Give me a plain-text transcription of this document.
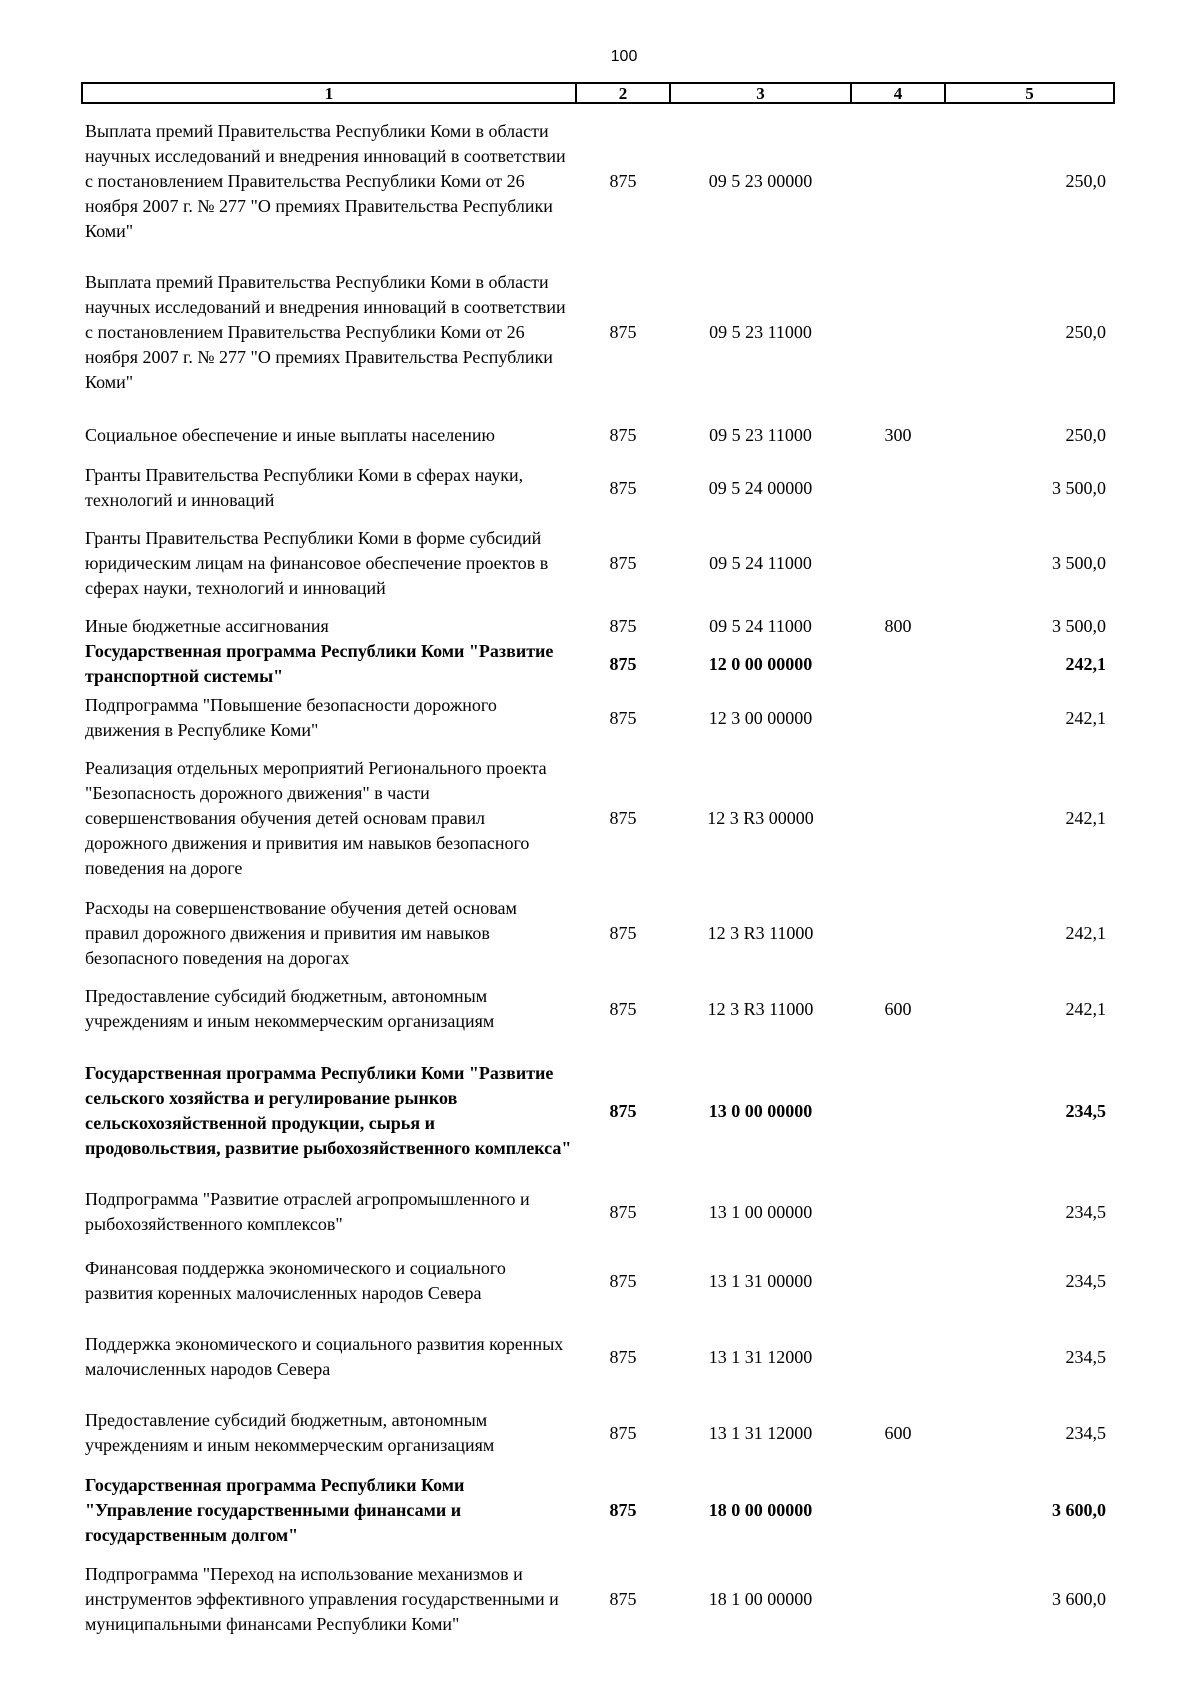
100
1	2	3	4	5
Выплата премий Правительства Республики Коми в области научных исследований и внедрения инноваций в соответствии с постановлением Правительства Республики Коми от 26 ноября 2007 г. № 277 "О премиях Правительства Республики Коми"	875	09 5 23 00000		250,0
Выплата премий Правительства Республики Коми в области научных исследований и внедрения инноваций в соответствии с постановлением Правительства Республики Коми от 26 ноября 2007 г. № 277 "О премиях Правительства Республики Коми"	875	09 5 23 11000		250,0
Социальное обеспечение и иные выплаты населению	875	09 5 23 11000	300	250,0
Гранты Правительства Республики Коми в сферах науки, технологий и инноваций	875	09 5 24 00000		3 500,0
Гранты Правительства Республики Коми в форме субсидий юридическим лицам на финансовое обеспечение проектов в сферах науки, технологий и инноваций	875	09 5 24 11000		3 500,0
Иные бюджетные ассигнования	875	09 5 24 11000	800	3 500,0
Государственная программа Республики Коми "Развитие транспортной системы"	875	12 0 00 00000		242,1
Подпрограмма "Повышение безопасности дорожного движения в Республике Коми"	875	12 3 00 00000		242,1
Реализация отдельных мероприятий Регионального проекта "Безопасность дорожного движения" в части совершенствования обучения детей основам правил дорожного движения и привития им навыков безопасного поведения на дороге	875	12 3 R3 00000		242,1
Расходы на совершенствование обучения детей основам правил дорожного движения и привития им навыков безопасного поведения на дорогах	875	12 3 R3 11000		242,1
Предоставление субсидий бюджетным, автономным учреждениям и иным некоммерческим организациям	875	12 3 R3 11000	600	242,1
Государственная программа Республики Коми "Развитие сельского хозяйства и регулирование рынков сельскохозяйственной продукции, сырья и продовольствия, развитие рыбохозяйственного комплекса"	875	13 0 00 00000		234,5
Подпрограмма "Развитие отраслей агропромышленного и рыбохозяйственного комплексов"	875	13 1 00 00000		234,5
Финансовая поддержка экономического и социального развития коренных малочисленных народов Севера	875	13 1 31 00000		234,5
Поддержка экономического и социального развития коренных малочисленных народов Севера	875	13 1 31 12000		234,5
Предоставление субсидий бюджетным, автономным учреждениям и иным некоммерческим организациям	875	13 1 31 12000	600	234,5
Государственная программа Республики Коми "Управление государственными финансами и государственным долгом"	875	18 0 00 00000		3 600,0
Подпрограмма "Переход на использование механизмов и инструментов эффективного управления государственными и муниципальными финансами Республики Коми"	875	18 1 00 00000		3 600,0
